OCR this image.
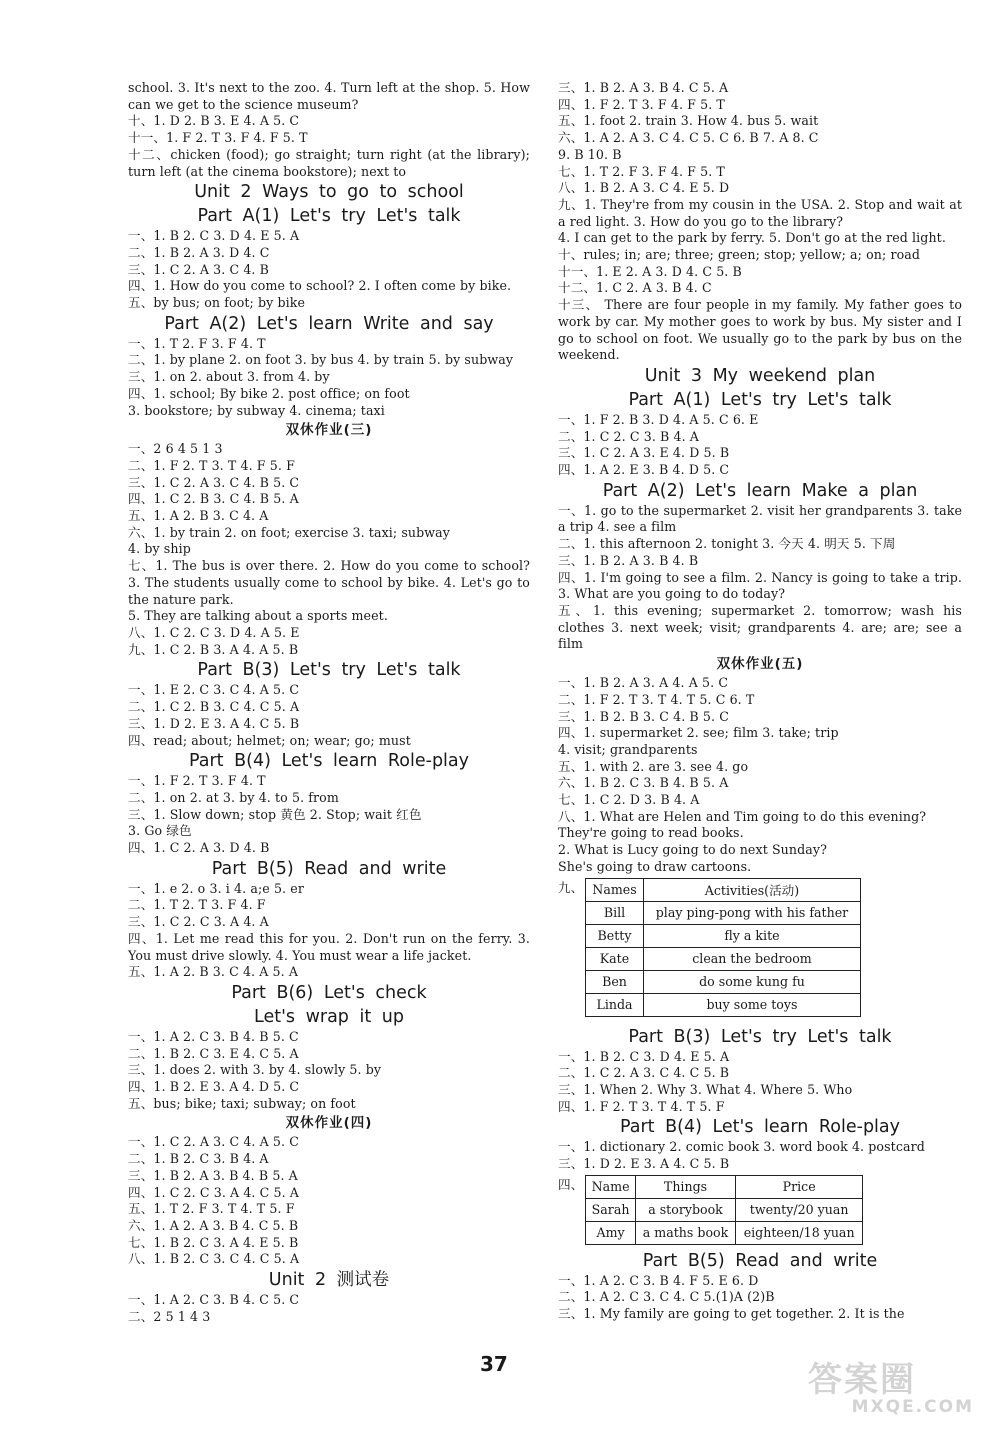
school. 3. It's next to the zoo. 4. Turn left at the shop. 5. How can we get to the science museum?
十、1. D 2. B 3. E 4. A 5. C
十一、1. F 2. T 3. F 4. F 5. T
十二、chicken (food); go straight; turn right (at the library); turn left (at the cinema bookstore); next to
Unit 2 Ways to go to school
Part A(1) Let's try Let's talk
一、1. B 2. C 3. D 4. E 5. A
二、1. B 2. A 3. D 4. C
三、1. C 2. A 3. C 4. B
四、1. How do you come to school? 2. I often come by bike.
五、by bus; on foot; by bike
Part A(2) Let's learn Write and say
一、1. T 2. F 3. F 4. T
二、1. by plane 2. on foot 3. by bus 4. by train 5. by subway
三、1. on 2. about 3. from 4. by
四、1. school; By bike 2. post office; on foot
3. bookstore; by subway 4. cinema; taxi
双休作业(三)
一、2 6 4 5 1 3
二、1. F 2. T 3. T 4. F 5. F
三、1. C 2. A 3. C 4. B 5. C
四、1. C 2. B 3. C 4. B 5. A
五、1. A 2. B 3. C 4. A
六、1. by train 2. on foot; exercise 3. taxi; subway
4. by ship
七、1. The bus is over there. 2. How do you come to school? 3. The students usually come to school by bike. 4. Let's go to the nature park.
5. They are talking about a sports meet.
八、1. C 2. C 3. D 4. A 5. E
九、1. C 2. B 3. A 4. A 5. B
Part B(3) Let's try Let's talk
一、1. E 2. C 3. C 4. A 5. C
二、1. C 2. B 3. C 4. C 5. A
三、1. D 2. E 3. A 4. C 5. B
四、read; about; helmet; on; wear; go; must
Part B(4) Let's learn Role-play
一、1. F 2. T 3. F 4. T
二、1. on 2. at 3. by 4. to 5. from
三、1. Slow down; stop 黄色 2. Stop; wait 红色
3. Go 绿色
四、1. C 2. A 3. D 4. B
Part B(5) Read and write
一、1. e 2. o 3. i 4. a;e 5. er
二、1. T 2. T 3. F 4. F
三、1. C 2. C 3. A 4. A
四、1. Let me read this for you. 2. Don't run on the ferry. 3. You must drive slowly. 4. You must wear a life jacket.
五、1. A 2. B 3. C 4. A 5. A
Part B(6) Let's check
Let's wrap it up
一、1. A 2. C 3. B 4. B 5. C
二、1. B 2. C 3. E 4. C 5. A
三、1. does 2. with 3. by 4. slowly 5. by
四、1. B 2. E 3. A 4. D 5. C
五、bus; bike; taxi; subway; on foot
双休作业(四)
一、1. C 2. A 3. C 4. A 5. C
二、1. B 2. C 3. B 4. A
三、1. B 2. A 3. B 4. B 5. A
四、1. C 2. C 3. A 4. C 5. A
五、1. T 2. F 3. T 4. T 5. F
六、1. A 2. A 3. B 4. C 5. B
七、1. B 2. C 3. A 4. E 5. B
八、1. B 2. C 3. C 4. C 5. A
Unit 2 测试卷
一、1. A 2. C 3. B 4. C 5. C
二、2 5 1 4 3
三、1. B 2. A 3. B 4. C 5. A
四、1. F 2. T 3. F 4. F 5. T
五、1. foot 2. train 3. How 4. bus 5. wait
六、1. A 2. A 3. C 4. C 5. C 6. B 7. A 8. C
9. B 10. B
七、1. T 2. F 3. F 4. F 5. T
八、1. B 2. A 3. C 4. E 5. D
九、1. They're from my cousin in the USA. 2. Stop and wait at a red light. 3. How do you go to the library?
4. I can get to the park by ferry. 5. Don't go at the red light.
十、rules; in; are; three; green; stop; yellow; a; on; road
十一、1. E 2. A 3. D 4. C 5. B
十二、1. C 2. A 3. B 4. C
十三、 There are four people in my family. My father goes to work by car. My mother goes to work by bus. My sister and I go to school on foot. We usually go to the park by bus on the weekend.
Unit 3 My weekend plan
Part A(1) Let's try Let's talk
一、1. F 2. B 3. D 4. A 5. C 6. E
二、1. C 2. C 3. B 4. A
三、1. C 2. A 3. E 4. D 5. B
四、1. A 2. E 3. B 4. D 5. C
Part A(2) Let's learn Make a plan
一、1. go to the supermarket 2. visit her grandparents 3. take a trip 4. see a film
二、1. this afternoon 2. tonight 3. 今天 4. 明天 5. 下周
三、1. B 2. A 3. B 4. B
四、1. I'm going to see a film. 2. Nancy is going to take a trip. 3. What are you going to do today?
五、1. this evening; supermarket 2. tomorrow; wash his clothes 3. next week; visit; grandparents 4. are; are; see a film
双休作业(五)
一、1. B 2. A 3. A 4. A 5. C
二、1. F 2. T 3. T 4. T 5. C 6. T
三、1. B 2. B 3. C 4. B 5. C
四、1. supermarket 2. see; film 3. take; trip
4. visit; grandparents
五、1. with 2. are 3. see 4. go
六、1. B 2. C 3. B 4. B 5. A
七、1. C 2. D 3. B 4. A
八、1. What are Helen and Tim going to do this evening?
They're going to read books.
2. What is Lucy going to do next Sunday?
She's going to draw cartoons.
九、 Names	Activities(活动)
Bill	play ping-pong with his father
Betty	fly a kite
Kate	clean the bedroom
Ben	do some kung fu
Linda	buy some toys
Part B(3) Let's try Let's talk
一、1. B 2. C 3. D 4. E 5. A
二、1. C 2. A 3. C 4. C 5. B
三、1. When 2. Why 3. What 4. Where 5. Who
四、1. F 2. T 3. T 4. T 5. F
Part B(4) Let's learn Role-play
一、1. dictionary 2. comic book 3. word book 4. postcard
三、1. D 2. E 3. A 4. C 5. B
四、 Name	Things	Price
Sarah	a storybook	twenty/20 yuan
Amy	a maths book	eighteen/18 yuan
Part B(5) Read and write
一、1. A 2. C 3. B 4. F 5. E 6. D
二、1. A 2. C 3. C 4. C 5.(1)A (2)B
三、1. My family are going to get together. 2. It is the
37	答案圈
MXQE.COM
